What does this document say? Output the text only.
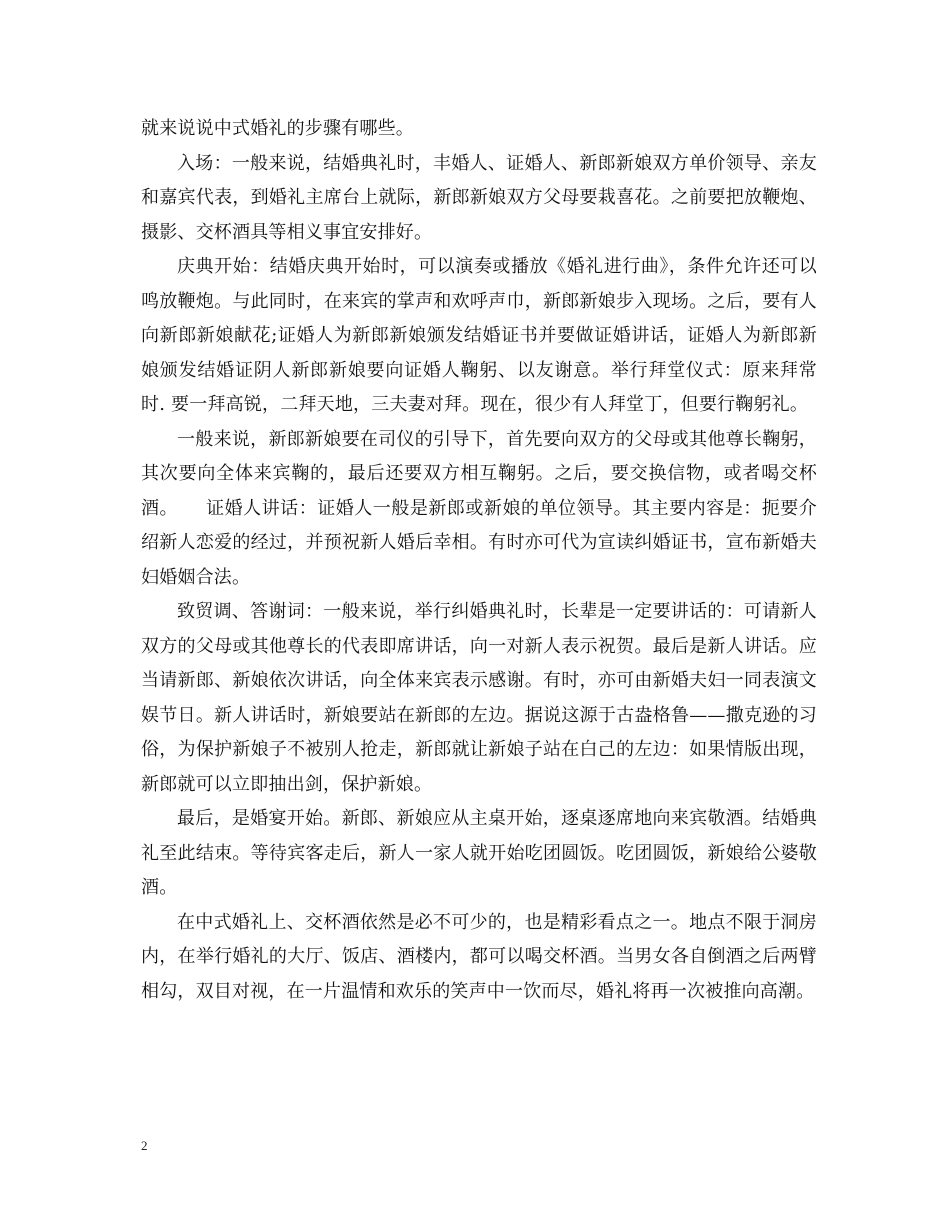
就来说说中式婚礼的步骤有哪些。

入场：一般来说，结婚典礼时，丰婚人、证婚人、新郎新娘双方单价领导、亲友和嘉宾代表，到婚礼主席台上就际，新郎新娘双方父母要栽喜花。之前要把放鞭炮、摄影、交杯酒具等相义事宜安排好。

庆典开始：结婚庆典开始时，可以演奏或播放《婚礼进行曲》，条件允许还可以鸣放鞭炮。与此同时，在来宾的掌声和欢呼声巾，新郎新娘步入现场。之后，要有人向新郎新娘献花;证婚人为新郎新娘颁发结婚证书并要做证婚讲话，证婚人为新郎新娘颁发结婚证阴人新郎新娘要向证婚人鞠躬、以友谢意。举行拜堂仪式：原来拜常时. 要一拜高锐，二拜天地，三夫妻对拜。现在，很少有人拜堂丁，但要行鞠躬礼。

一般来说，新郎新娘要在司仪的引导下，首先要向双方的父母或其他尊长鞠躬，其次要向全体来宾鞠的，最后还要双方相互鞠躬。之后，要交换信物，或者喝交杯酒。　　证婚人讲话：证婚人一般是新郎或新娘的单位领导。其主要内容是：扼要介绍新人恋爱的经过，并预祝新人婚后幸相。有时亦可代为宣读纠婚证书，宣布新婚夫妇婚姻合法。

致贸调、答谢词：一般来说，举行纠婚典礼时，长辈是一定要讲话的：可请新人双方的父母或其他尊长的代表即席讲话，向一对新人表示祝贺。最后是新人讲话。应当请新郎、新娘依次讲话，向全体来宾表示感谢。有时，亦可由新婚夫妇一同表演文娱节日。新人讲话时，新娘要站在新郎的左边。据说这源于古盎格鲁——撒克逊的习俗，为保护新娘子不被别人抢走，新郎就让新娘子站在白己的左边：如果情版出现，新郎就可以立即抽出剑，保护新娘。

最后，是婚宴开始。新郎、新娘应从主桌开始，逐桌逐席地向来宾敬酒。结婚典礼至此结朿。等待宾客走后，新人一家人就开始吃团圆饭。吃团圆饭，新娘给公婆敬酒。

在中式婚礼上、交杯酒依然是必不可少的，也是精彩看点之一。地点不限于洞房内，在举行婚礼的大厅、饭店、酒楼内，都可以喝交杯酒。当男女各自倒酒之后两臂相勾，双目对视，在一片温情和欢乐的笑声中一饮而尽，婚礼将再一次被推向高潮。

2
